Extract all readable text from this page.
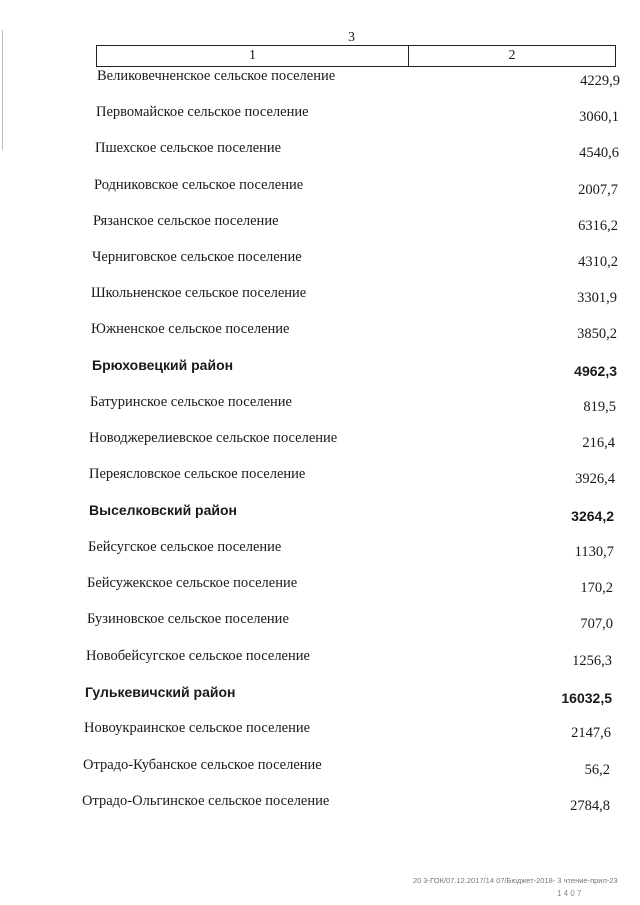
3
1	2
Великовечненское сельское поселение	4229,9
Первомайское сельское поселение	3060,1
Пшехское сельское поселение	4540,6
Родниковское сельское поселение	2007,7
Рязанское сельское поселение	6316,2
Черниговское сельское поселение	4310,2
Школьненское сельское поселение	3301,9
Южненское сельское поселение	3850,2
Брюховецкий район	4962,3
Батуринское сельское поселение	819,5
Новоджерелиевское сельское поселение	216,4
Переясловское сельское поселение	3926,4
Выселковский район	3264,2
Бейсугское сельское поселение	1130,7
Бейсужекское сельское поселение	170,2
Бузиновское сельское поселение	707,0
Новобейсугское сельское поселение	1256,3
Гулькевичский район	16032,5
Новоукраинское сельское поселение	2147,6
Отрадо-Кубанское сельское поселение	56,2
Отрадо-Ольгинское сельское поселение	2784,8
20 3-ГОК/07.12.2017/14 07/Бюджет-2018- 3 чтение-прил-23
1 4 0 7
